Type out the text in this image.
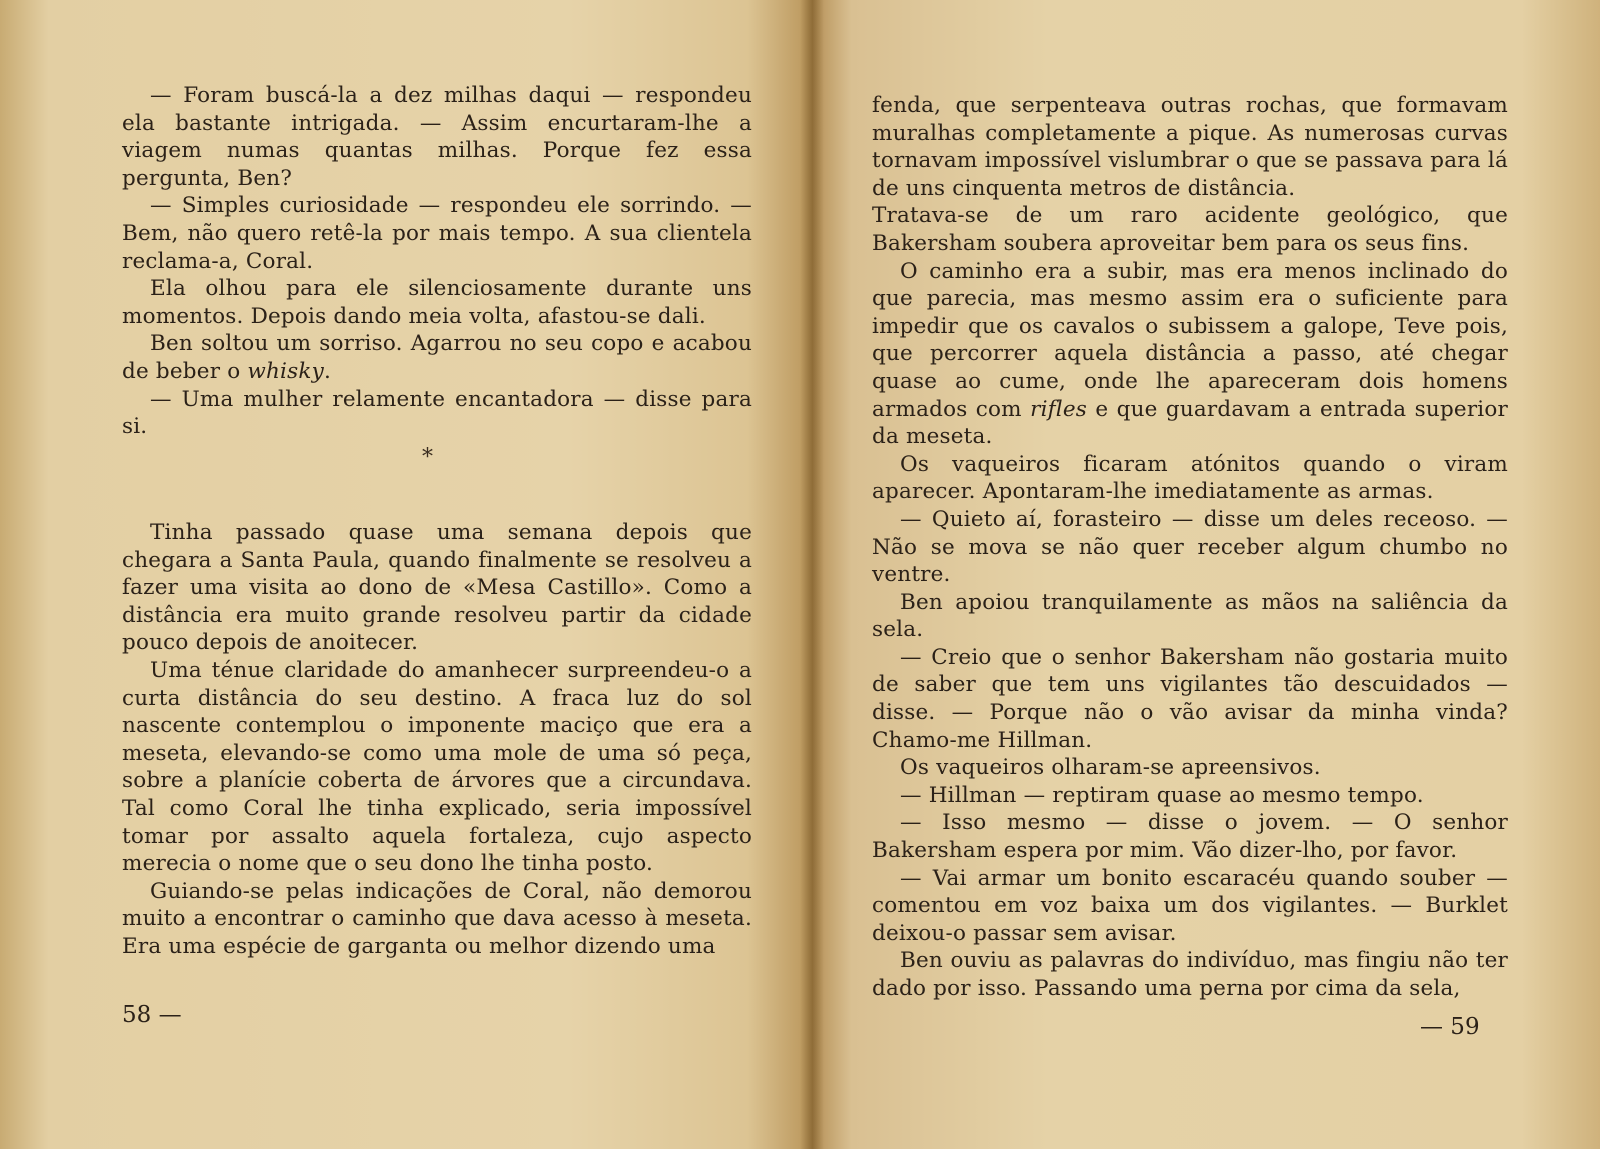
— Foram buscá-la a dez milhas daqui — respondeu ela bastante intrigada. — Assim encurtaram-lhe a viagem numas quantas milhas. Porque fez essa pergunta, Ben?

— Simples curiosidade — respondeu ele sorrindo. — Bem, não quero retê-la por mais tempo. A sua clientela reclama-a, Coral.

Ela olhou para ele silenciosamente durante uns momentos. Depois dando meia volta, afastou-se dali.

Ben soltou um sorriso. Agarrou no seu copo e acabou de beber o whisky.

— Uma mulher relamente encantadora — disse para si.

*

Tinha passado quase uma semana depois que chegara a Santa Paula, quando finalmente se resolveu a fazer uma visita ao dono de «Mesa Castillo». Como a distância era muito grande resolveu partir da cidade pouco depois de anoitecer.

Uma ténue claridade do amanhecer surpreendeu-o a curta distância do seu destino. A fraca luz do sol nascente contemplou o imponente maciço que era a meseta, elevando-se como uma mole de uma só peça, sobre a planície coberta de árvores que a circundava. Tal como Coral lhe tinha explicado, seria impossível tomar por assalto aquela fortaleza, cujo aspecto merecia o nome que o seu dono lhe tinha posto.

Guiando-se pelas indicações de Coral, não demorou muito a encontrar o caminho que dava acesso à meseta. Era uma espécie de garganta ou melhor dizendo uma

58 —

fenda, que serpenteava outras rochas, que formavam muralhas completamente a pique. As numerosas curvas tornavam impossível vislumbrar o que se passava para lá de uns cinquenta metros de distância.

Tratava-se de um raro acidente geológico, que Bakersham soubera aproveitar bem para os seus fins.

O caminho era a subir, mas era menos inclinado do que parecia, mas mesmo assim era o suficiente para impedir que os cavalos o subissem a galope, Teve pois, que percorrer aquela distância a passo, até chegar quase ao cume, onde lhe apareceram dois homens armados com rifles e que guardavam a entrada superior da meseta.

Os vaqueiros ficaram atónitos quando o viram aparecer. Apontaram-lhe imediatamente as armas.

— Quieto aí, forasteiro — disse um deles receoso. — Não se mova se não quer receber algum chumbo no ventre.

Ben apoiou tranquilamente as mãos na saliência da sela.

— Creio que o senhor Bakersham não gostaria muito de saber que tem uns vigilantes tão descuidados — disse. — Porque não o vão avisar da minha vinda? Chamo-me Hillman.

Os vaqueiros olharam-se apreensivos.

— Hillman — reptiram quase ao mesmo tempo.

— Isso mesmo — disse o jovem. — O senhor Bakersham espera por mim. Vão dizer-lho, por favor.

— Vai armar um bonito escaracéu quando souber — comentou em voz baixa um dos vigilantes. — Burklet deixou-o passar sem avisar.

Ben ouviu as palavras do indivíduo, mas fingiu não ter dado por isso. Passando uma perna por cima da sela,

— 59
